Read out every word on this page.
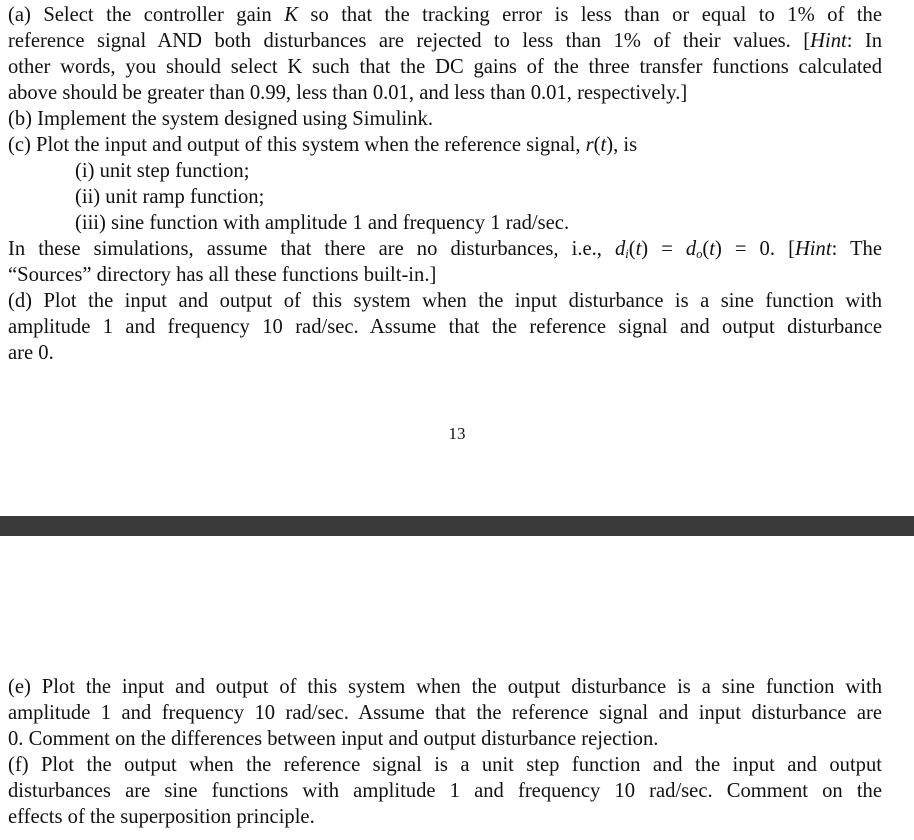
(a) Select the controller gain K so that the tracking error is less than or equal to 1% of the
reference signal AND both disturbances are rejected to less than 1% of their values. [Hint: In
other words, you should select K such that the DC gains of the three transfer functions calculated
above should be greater than 0.99, less than 0.01, and less than 0.01, respectively.]
(b) Implement the system designed using Simulink.
(c) Plot the input and output of this system when the reference signal, r(t), is
(i) unit step function;
(ii) unit ramp function;
(iii) sine function with amplitude 1 and frequency 1 rad/sec.
In these simulations, assume that there are no disturbances, i.e., $d_i(t) = d_o(t) = 0$. [Hint: The
“Sources” directory has all these functions built-in.]
(d) Plot the input and output of this system when the input disturbance is a sine function with
amplitude 1 and frequency 10 rad/sec. Assume that the reference signal and output disturbance
are 0.
13
(e) Plot the input and output of this system when the output disturbance is a sine function with
amplitude 1 and frequency 10 rad/sec. Assume that the reference signal and input disturbance are
0. Comment on the differences between input and output disturbance rejection.
(f) Plot the output when the reference signal is a unit step function and the input and output
disturbances are sine functions with amplitude 1 and frequency 10 rad/sec. Comment on the
effects of the superposition principle.
